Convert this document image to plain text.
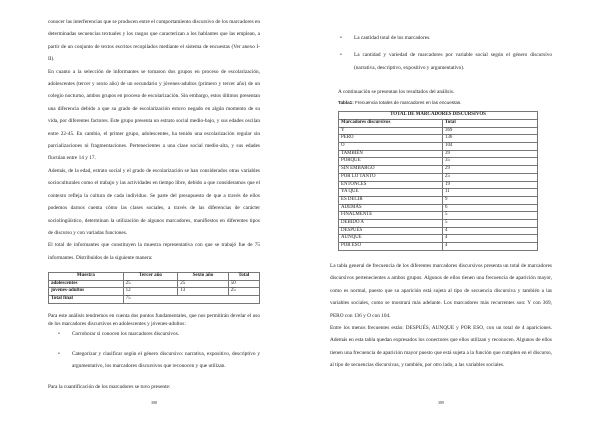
conocer las interferencias que se producen entre el comportamiento discursivo de los marcadores en determinadas secuencias textuales y los rasgos que caracterizan a los hablantes que las emplean, a partir de un conjunto de textos escritos recopilados mediante el sistema de encuestas (Ver anexo I-II).

En cuanto a la selección de informantes se tomaron dos grupos en proceso de escolarización, adolescentes (tercer y sexto año) de un secundario y jóvenes-adultos (primero y tercer año) de un colegio nocturno, ambos grupos en proceso de escolarización. Sin embargo, estos últimos presentan una diferencia debido a que su grado de escolarización estuvo negado en algún momento de su vida, por diferentes factores. Este grupo presenta un estrato social medio-bajo, y sus edades oscilan entre 22-45. En cambio, el primer grupo, adolescentes, ha tenido una escolarización regular sin parcializaciones ni fragmentaciones. Pertenecientes a una clase social medio-alta, y sus edades fluctúan entre 14 y 17.

Además, de la edad, estrato social y el grado de escolarización se han considerados otras variables socioculturales como el trabajo y las actividades en tiempo libre, debido a que consideramos que el contexto refleja la cultura de cada individuo. Se parte del presupuesto de que a través de ellos podemos darnos cuenta cómo las clases sociales, a través de las diferencias de carácter sociolingüístico, determinan la utilización de algunos marcadores, manifiestos en diferentes tipos de discurso y con variadas funciones.

El total de informantes que constituyen la muestra representativa con que se trabajó fue de 75 informantes. Distribuidos de la siguiente manera:

Muestra	Tercer año	Sexto año	Total
adolescentes	25	25	50
jóvenes-adultos	12	13	25
Total final	75		

Para este análisis tendremos en cuenta dos puntos fundamentales, que nos permitirán develar el uso de los marcadores discursivos en adolescentes y jóvenes-adultos:

• Corroborar si conocen los marcadores discursivos.
• Categorizar y clasificar según el género discursivo: narrativa, expositivo, descriptivo y argumentativo, los marcadores discursivos que reconocen y que utilizan.

Para la cuantificación de los marcadores se tuvo presente:

388
• La cantidad total de los marcadores.
• La cantidad y variedad de marcadores por variable social según el género discursivo (narrativa, descriptivo, expositivo y argumentativo).

A continuación se presentan los resultados del análisis.

Tabla1: Frecuencia totales de marcadores en las encuestas.
TOTAL DE MARCADORES DISCURSIVOS	
Marcadores discursivos	Total
Y	369
PERO	136
O	104
TAMBIÉN	39
PORQUE	35
SIN EMBARGO	29
POR LO TANTO	25
ENTONCES	19
YA QUE	11
ES DECIR	9
ADEMÁS	6
FINALMENTE	5
DEBIDO A	5
DESPUÉS	4
AUNQUE	4
POR ESO	4

La tabla general de frecuencia de los diferentes marcadores discursivos presenta un total de marcadores discursivos pertenecientes a ambos grupos. Algunos de ellos tienen una frecuencia de aparición mayor, como es normal, puesto que su aparición está sujeta al tipo de secuencia discursiva y también a las variables sociales, como se mostrará más adelante. Los marcadores más recurrentes son: Y con 369, PERO con 136 y O con 104.

Entre los menos frecuentes están: DESPUÉS, AUNQUE y POR ESO, con un total de 4 apariciones. Además en esta tabla quedan expresados los conectores que ellos utilizan y reconocen. Algunos de ellos tienen una frecuencia de aparición mayor puesto que está sujeta a la función que cumplen en el discurso, al tipo de secuencias discursivas, y también, por otro lado, a las variables sociales.

389
